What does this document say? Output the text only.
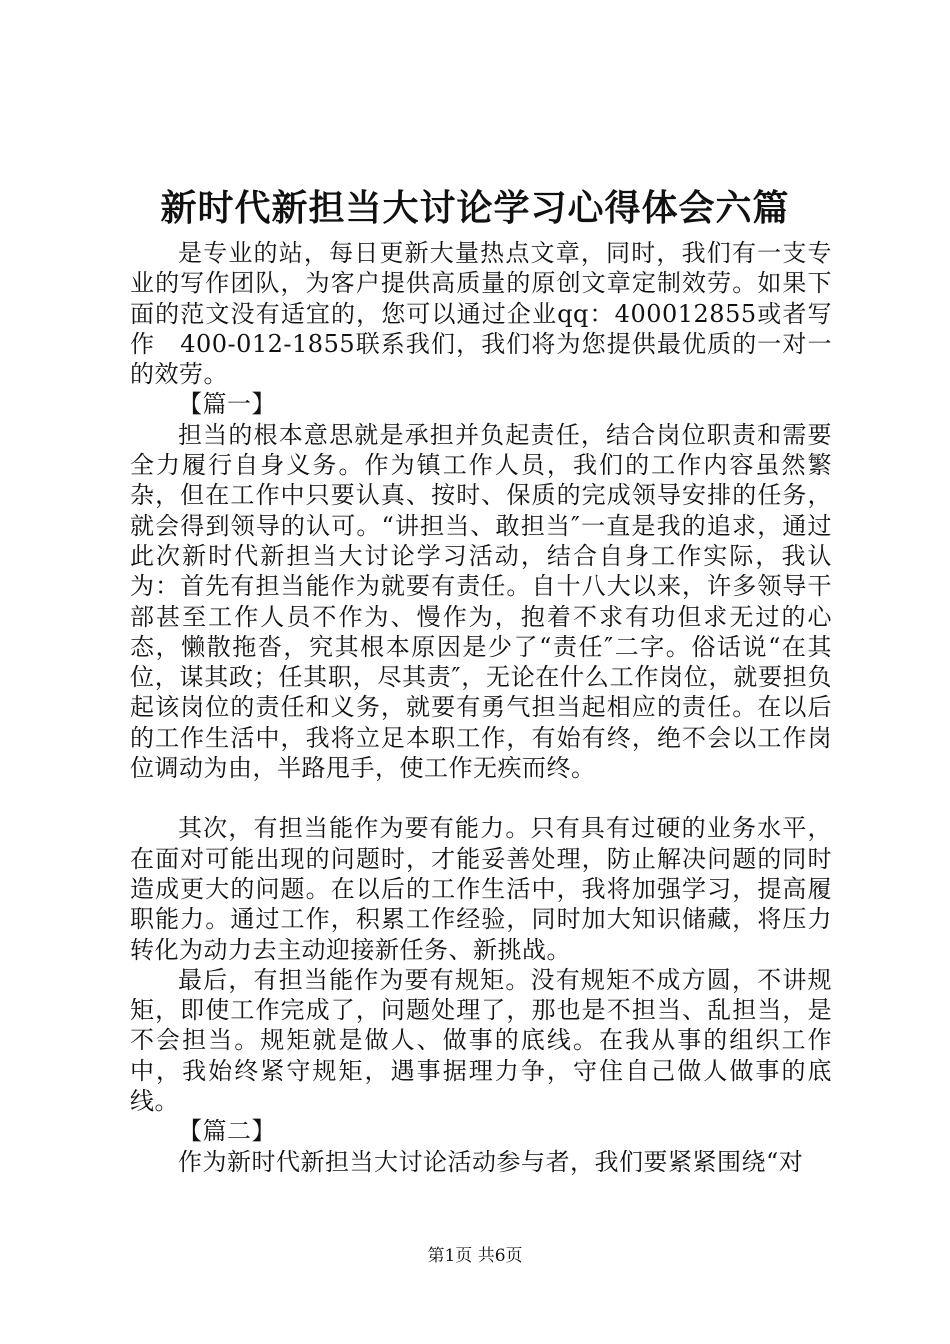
新时代新担当大讨论学习心得体会六篇

是专业的站，每日更新大量热点文章，同时，我们有一支专业的写作团队，为客户提供高质量的原创文章定制效劳。如果下面的范文没有适宜的，您可以通过企业qq：400012855或者写作　400-012-1855联系我们，我们将为您提供最优质的一对一的效劳。

【篇一】

担当的根本意思就是承担并负起责任，结合岗位职责和需要全力履行自身义务。作为镇工作人员，我们的工作内容虽然繁杂，但在工作中只要认真、按时、保质的完成领导安排的任务，就会得到领导的认可。“讲担当、敢担当″一直是我的追求，通过此次新时代新担当大讨论学习活动，结合自身工作实际，我认为：首先有担当能作为就要有责任。自十八大以来，许多领导干部甚至工作人员不作为、慢作为，抱着不求有功但求无过的心态，懒散拖沓，究其根本原因是少了“责任″二字。俗话说“在其位，谋其政；任其职，尽其责″，无论在什么工作岗位，就要担负起该岗位的责任和义务，就要有勇气担当起相应的责任。在以后的工作生活中，我将立足本职工作，有始有终，绝不会以工作岗位调动为由，半路甩手，使工作无疾而终。

其次，有担当能作为要有能力。只有具有过硬的业务水平，在面对可能出现的问题时，才能妥善处理，防止解决问题的同时造成更大的问题。在以后的工作生活中，我将加强学习，提高履职能力。通过工作，积累工作经验，同时加大知识储藏，将压力转化为动力去主动迎接新任务、新挑战。

最后，有担当能作为要有规矩。没有规矩不成方圆，不讲规矩，即使工作完成了，问题处理了，那也是不担当、乱担当，是不会担当。规矩就是做人、做事的底线。在我从事的组织工作中，我始终紧守规矩，遇事据理力争，守住自己做人做事的底线。

【篇二】

作为新时代新担当大讨论活动参与者，我们要紧紧围绕“对

第1页 共6页
